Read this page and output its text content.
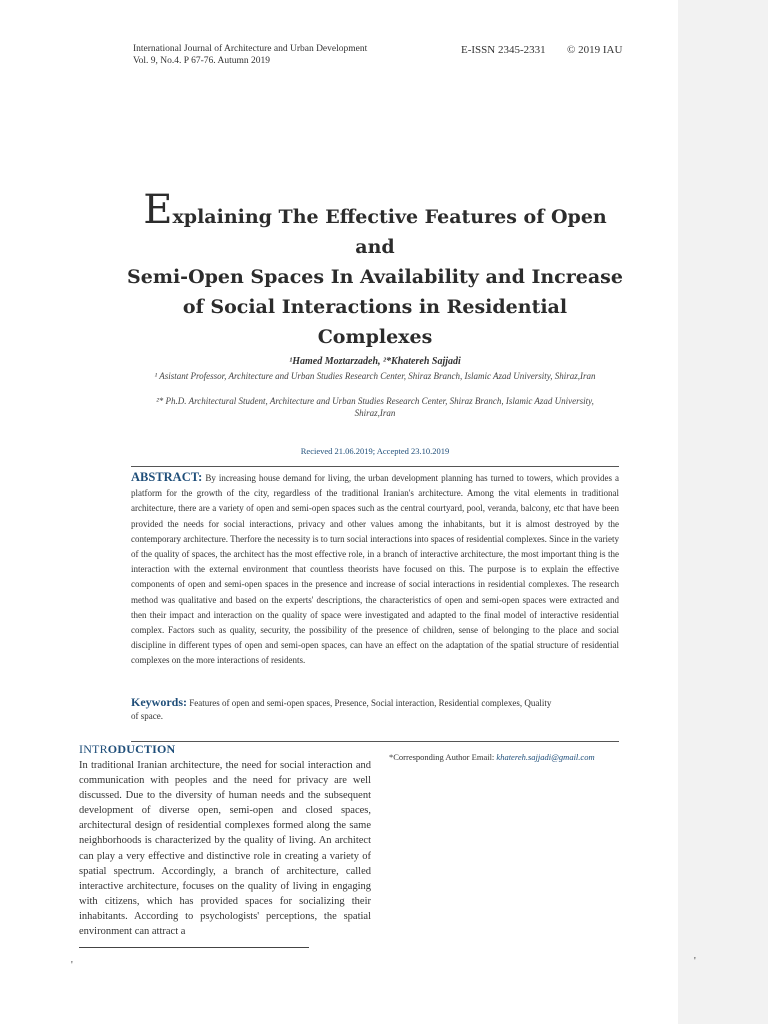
International Journal of Architecture and Urban Development
Vol. 9, No.4. P 67-76. Autumn 2019
E-ISSN 2345-2331 © 2019 IAU
Explaining The Effective Features of Open and
Semi-Open Spaces In Availability and Increase
of Social Interactions in Residential
Complexes
¹Hamed Moztarzadeh, ²*Khatereh Sajjadi
¹ Asistant Professor, Architecture and Urban Studies Research Center, Shiraz Branch, Islamic Azad University, Shiraz,Iran
²* Ph.D. Architectural Student, Architecture and Urban Studies Research Center, Shiraz Branch, Islamic Azad University, Shiraz,Iran
Recieved 21.06.2019; Accepted 23.10.2019
ABSTRACT: By increasing house demand for living, the urban development planning has turned to towers, which provides a platform for the growth of the city, regardless of the traditional Iranian's architecture. Among the vital elements in traditional architecture, there are a variety of open and semi-open spaces such as the central courtyard, pool, veranda, balcony, etc that have been provided the needs for social interactions, privacy and other values among the inhabitants, but it is almost destroyed by the contemporary architecture. Therfore the necessity is to turn social interactions into spaces of residential complexes. Since in the variety of the quality of spaces, the architect has the most effective role, in a branch of interactive architecture, the most important thing is the interaction with the external environment that countless theorists have focused on this. The purpose is to explain the effective components of open and semi-open spaces in the presence and increase of social interactions in residential complexes. The research method was qualitative and based on the experts' descriptions, the characteristics of open and semi-open spaces were extracted and then their impact and interaction on the quality of space were investigated and adapted to the final model of interactive residential complex. Factors such as quality, security, the possibility of the presence of children, sense of belonging to the place and social discipline in different types of open and semi-open spaces, can have an effect on the adaptation of the spatial structure of residential complexes on the more interactions of residents.
Keywords: Features of open and semi-open spaces, Presence, Social interaction, Residential complexes, Quality
of space.
INTRODUCTION
In traditional Iranian architecture, the need for social interaction and communication with peoples and the need for privacy are well discussed. Due to the diversity of human needs and the subsequent development of diverse open, semi-open and closed spaces, architectural design of residential complexes formed along the same neighborhoods is characterized by the quality of living. An architect can play a very effective and distinctive role in creating a variety of spatial spectrum. Accordingly, a branch of architecture, called interactive architecture, focuses on the quality of living in engaging with citizens, which has provided spaces for socializing their inhabitants. According to psychologists' perceptions, the spatial environment can attract a
*Corresponding Author Email: khatereh.sajjadi@gmail.com
'	'
